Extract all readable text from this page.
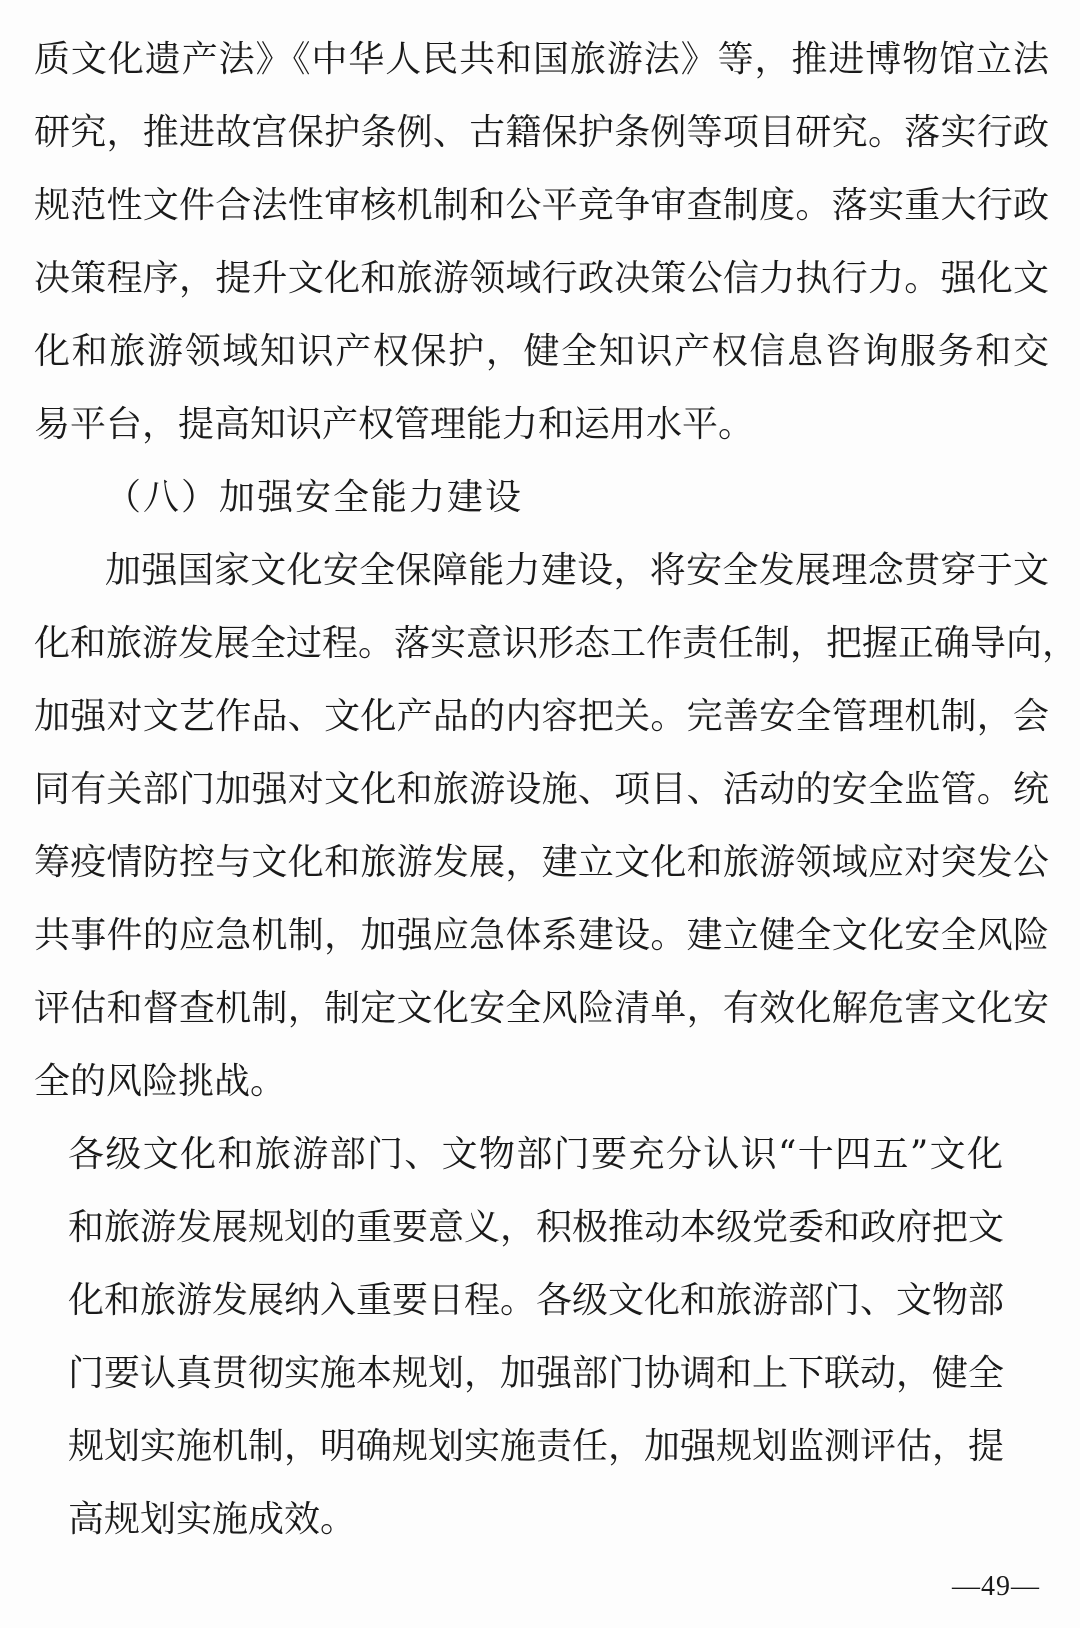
质文化遗产法》《中华人民共和国旅游法》等，推进博物馆立法
研究，推进故宫保护条例、古籍保护条例等项目研究。落实行政
规范性文件合法性审核机制和公平竞争审查制度。落实重大行政
决策程序，提升文化和旅游领域行政决策公信力执行力。强化文
化和旅游领域知识产权保护，健全知识产权信息咨询服务和交
易平台，提高知识产权管理能力和运用水平。
（八）加强安全能力建设
加强国家文化安全保障能力建设，将安全发展理念贯穿于文
化和旅游发展全过程。落实意识形态工作责任制，把握正确导向，
加强对文艺作品、文化产品的内容把关。完善安全管理机制，会
同有关部门加强对文化和旅游设施、项目、活动的安全监管。统
筹疫情防控与文化和旅游发展，建立文化和旅游领域应对突发公
共事件的应急机制，加强应急体系建设。建立健全文化安全风险
评估和督查机制，制定文化安全风险清单，有效化解危害文化安
全的风险挑战。
各级文化和旅游部门、文物部门要充分认识“十四五”文化
和旅游发展规划的重要意义，积极推动本级党委和政府把文
化和旅游发展纳入重要日程。各级文化和旅游部门、文物部
门要认真贯彻实施本规划，加强部门协调和上下联动，健全
规划实施机制，明确规划实施责任，加强规划监测评估，提
高规划实施成效。
—49—
